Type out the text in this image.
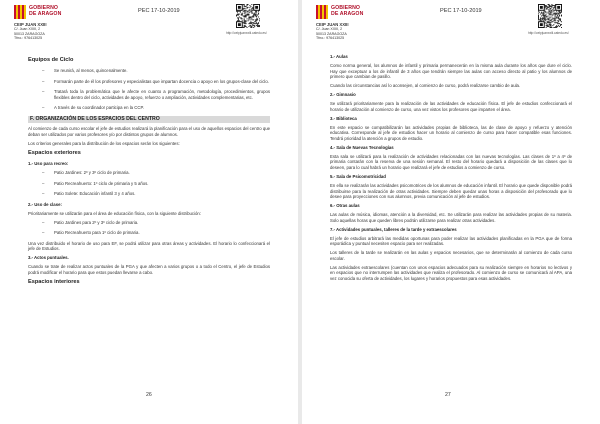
GOBIERNO DE ARAGON
CEIP JUAN XXIII
C/. Juan XXIII, 2
50013 ZARAGOZA
Tfno.: 976413025
PEC 17-10-2019
http://ceipjuanxxiii.catedu.es/

Equipos de Ciclo

– Se reunirá, al menos, quincenalmente.

– Formarán parte de él los profesores y especialistas que impartan docencia o apoyo en los grupos-clase del ciclo.

– Tratará toda la problemática que le afecte en cuanto a programación, metodología, procedimientos, grupos flexibles dentro del ciclo, actividades de apoyo, refuerzo o ampliación, actividades complementarias, etc.

– A través de su coordinador participa en la CCP.

F. ORGANIZACIÓN DE LOS ESPACIOS DEL CENTRO

Al comienzo de cada curso escolar el jefe de estudios realizará la planificación para el uso de aquellos espacios del centro que deban ser utilizados por varios profesores y/o por distintos grupos de alumnos.

Los criterios generales para la distribución de los espacios serán los siguientes:

Espacios exteriores

1.- Uso para recreo:

– Patio Jardines: 2º y 3º ciclo de primaria.

– Patio Recreahuerto: 1º ciclo de primaria y 5 años.

– Patio Solete: Educación infantil 3 y 4 años.

2.- Uso de clase:

Prioritariamente se utilizarán para el área de educación física, con la siguiente distribución:

– Patio Jardines para 2º y 3º ciclo de primaria.

– Patio Recreahuerto para 1º ciclo de primaria.

Una vez distribuido el horario de uso para EF, se podrá utilizar para otras áreas y actividades. El horario lo confeccionará el jefe de Estudios.

3.- Actos puntuales.

Cuando se trate de realizar actos puntuales de la PGA y que afecten a varios grupos o a todo el Centro, el jefe de Estudios podrá modificar el horario para que estos puedan llevarse a cabo.

Espacios interiores

26
GOBIERNO DE ARAGON
CEIP JUAN XXIII
C/. Juan XXIII, 2
50013 ZARAGOZA
Tfno.: 976413025
PEC 17-10-2019
http://ceipjuanxxiii.catedu.es/

1.- Aulas

Como norma general, los alumnos de infantil y primaria permanecerán en la misma aula durante los años que dure el ciclo. Hay que exceptuar a los de infantil de 3 años que tendrán siempre las aulas con acceso directo al patio y los alumnos de primero que cambian de pasillo.

Cuando las circunstancias así lo aconsejen, al comienzo de curso, podrá realizarse cambio de aula.

2.- Gimnasio

Se utilizará prioritariamente para la realización de las actividades de educación física. El jefe de estudios confeccionará el horario de utilización al comienzo de curso, una vez vistos los profesores que imparten el área.

3.- Biblioteca

En este espacio se compatibilizarán las actividades propias de biblioteca, las de clase de apoyo y refuerzo y atención educativa. Corresponde al jefe de estudios hacer un horario al comienzo de curso para hacer compatible esas funciones. Tendrá prioridad la atención a grupos de estudio.

4.- Sala de Nuevas Tecnologías

Esta sala se utilizará para la realización de actividades relacionadas con las nuevas tecnologías. Las clases de 1º a 4º de primaria contarán con la reserva de una sesión semanal. El resto del horario quedará a disposición de las clases que lo deseen, para lo cual habrá un horario que realizará el jefe de estudios a comienzo de curso.

5.- Sala de Psicomotricidad

En ella se realizarán las actividades psicomotrices de los alumnos de educación infantil. El horario que quede disponible podrá distribuirse para la realización de otras actividades. Siempre deben quedar unas horas a disposición del profesorado que lo desee para proyecciones con sus alumnos, previa comunicación al jefe de estudios.

6.- Otras aulas

Las aulas de música, idiomas, atención a la diversidad, etc. Se utilizarán para realizar las actividades propias de su materia. Solo aquellas horas que queden libres podrán utilizarse para realizar otras actividades.

7.- Actividades puntuales, talleres de la tarde y extraescolares

El jefe de estudios arbitrará las medidas oportunas para poder realizar las actividades planificadas en la PGA que de forma esporádica y puntual necesiten espacio para ser realizadas.

Los talleres de la tarde se realizarán en las aulas y espacios necesarios, que se determinarán al comienzo de cada curso escolar.

Las actividades extraescolares (cuentan con unos espacios adecuados para su realización siempre en horarios no lectivos y en espacios que no interrumpen las actividades que realiza el profesorado. Al comienzo de curso se comunicará al APA, una vez conocida su oferta de actividades, los lugares y horarios propuestos para esas actividades.

27
